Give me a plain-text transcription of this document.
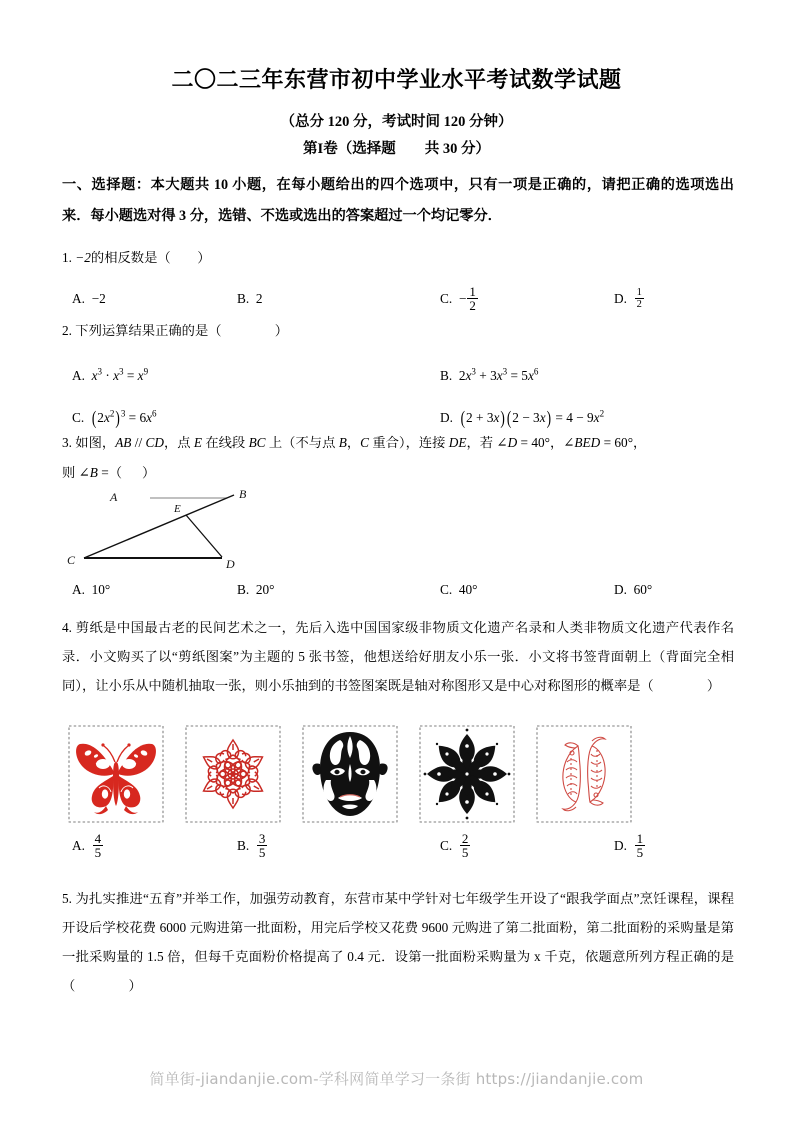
二〇二三年东营市初中学业水平考试数学试题
（总分 120 分，考试时间 120 分钟）
第I卷（选择题　　共 30 分）
一、选择题：本大题共 10 小题，在每小题给出的四个选项中，只有一项是正确的，请把正确的选项选出来．每小题选对得 3 分，选错、不选或选出的答案超过一个均记零分．
1. −2的相反数是（　　）
A. −2	B. 2	C. − $\frac{1}{2}$	D. $\frac{1}{2}$
2. 下列运算结果正确的是（　　　　）
A. $x^3 \cdot x^3 = x^9$	B. $2x^3 + 3x^3 = 5x^6$
C. $(2x^2)^3 = 6x^6$	D. (2 + 3x) $(2 - 3x) = 4 - 9x^2$
3. 如图，AB // CD，点 E 在线段 BC 上（不与点 B，C 重合），连接 DE，若 ∠D = 40°，∠BED = 60°，
则 ∠B =（      ）
A	B
C	D
E
A. 10°	B. 20°	C. 40°	D. 60°
4. 剪纸是中国最古老的民间艺术之一，先后入选中国国家级非物质文化遗产名录和人类非物质文化遗产代表作名录．小文购买了以“剪纸图案”为主题的 5 张书签，他想送给好朋友小乐一张．小文将书签背面朝上（背面完全相同），让小乐从中随机抽取一张，则小乐抽到的书签图案既是轴对称图形又是中心对称图形的概率是（　　　　）
A. $\frac{4}{5}$	B. $\frac{3}{5}$	C. $\frac{2}{5}$	D. $\frac{1}{5}$
5. 为扎实推进“五育”并举工作，加强劳动教育，东营市某中学针对七年级学生开设了“跟我学面点”烹饪课程，课程开设后学校花费 6000 元购进第一批面粉，用完后学校又花费 9600 元购进了第二批面粉，第二批面粉的采购量是第一批采购量的 1.5 倍，但每千克面粉价格提高了 0.4 元．设第一批面粉采购量为 x 千克，依题意所列方程正确的是（　　　　）
简单街-jiandanjie.com-学科网简单学习一条街 https://jiandanjie.com
